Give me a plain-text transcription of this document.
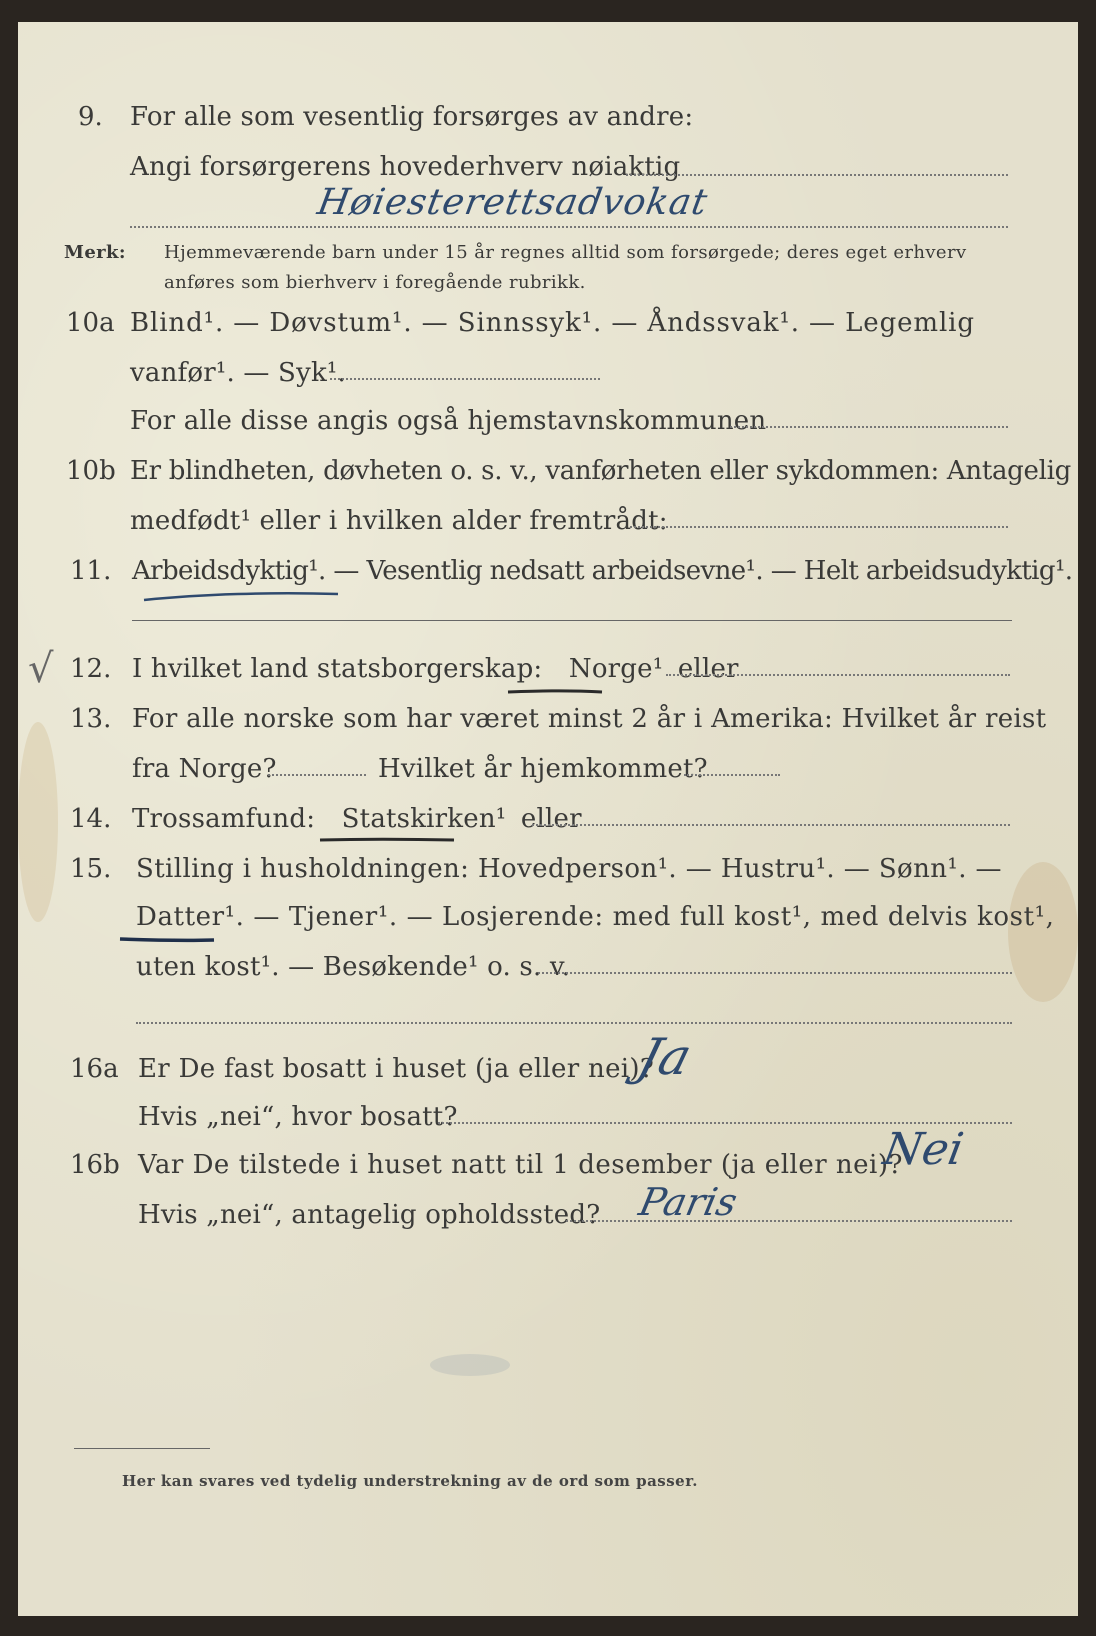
9. For alle som vesentlig forsørges av andre:
Angi forsørgerens hovederhverv nøiaktig
Høiesterettsadvokat
Merk: Hjemmeværende barn under 15 år regnes alltid som forsørgede; deres eget erhverv
anføres som bierhverv i foregående rubrikk.
10a Blind¹. — Døvstum¹. — Sinnssyk¹. — Åndssvak¹. — Legemlig
vanfør¹. — Syk¹.
For alle disse angis også hjemstavnskommunen
10b Er blindheten, døvheten o. s. v., vanførheten eller sykdommen: Antagelig
medfødt¹ eller i hvilken alder fremtrådt:
11. Arbeidsdyktig¹. — Vesentlig nedsatt arbeidsevne¹. — Helt arbeidsudyktig¹.
√ 12. I hvilket land statsborgerskap: Norge¹ eller
13. For alle norske som har været minst 2 år i Amerika: Hvilket år reist
fra Norge?	Hvilket år hjemkommet?
14. Trossamfund: Statskirken¹ eller
15. Stilling i husholdningen: Hovedperson¹. — Hustru¹. — Sønn¹. —
Datter¹. — Tjener¹. — Losjerende: med full kost¹, med delvis kost¹,
uten kost¹. — Besøkende¹ o. s. v.
16a Er De fast bosatt i huset (ja eller nei)?
Ja
Hvis „nei“, hvor bosatt?
16b Var De tilstede i huset natt til 1 desember (ja eller nei)?
Nei
Hvis „nei“, antagelig opholdssted? Paris
Her kan svares ved tydelig understrekning av de ord som passer.
